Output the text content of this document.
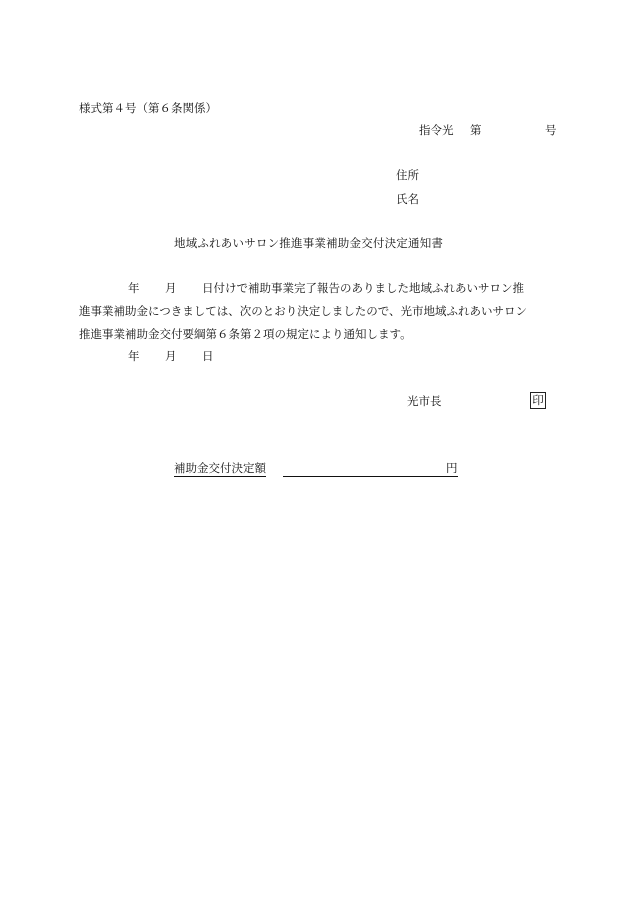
様式第４号（第６条関係）
指令光 第	号
住所
氏名
地域ふれあいサロン推進事業補助金交付決定通知書
年 月 日付けで補助事業完了報告のありました地域ふれあいサロン推
進事業補助金につきましては、次のとおり決定しましたので、光市地域ふれあいサロン
推進事業補助金交付要綱第６条第２項の規定により通知します。
年 月 日
光市長	印
補助金交付決定額	円
